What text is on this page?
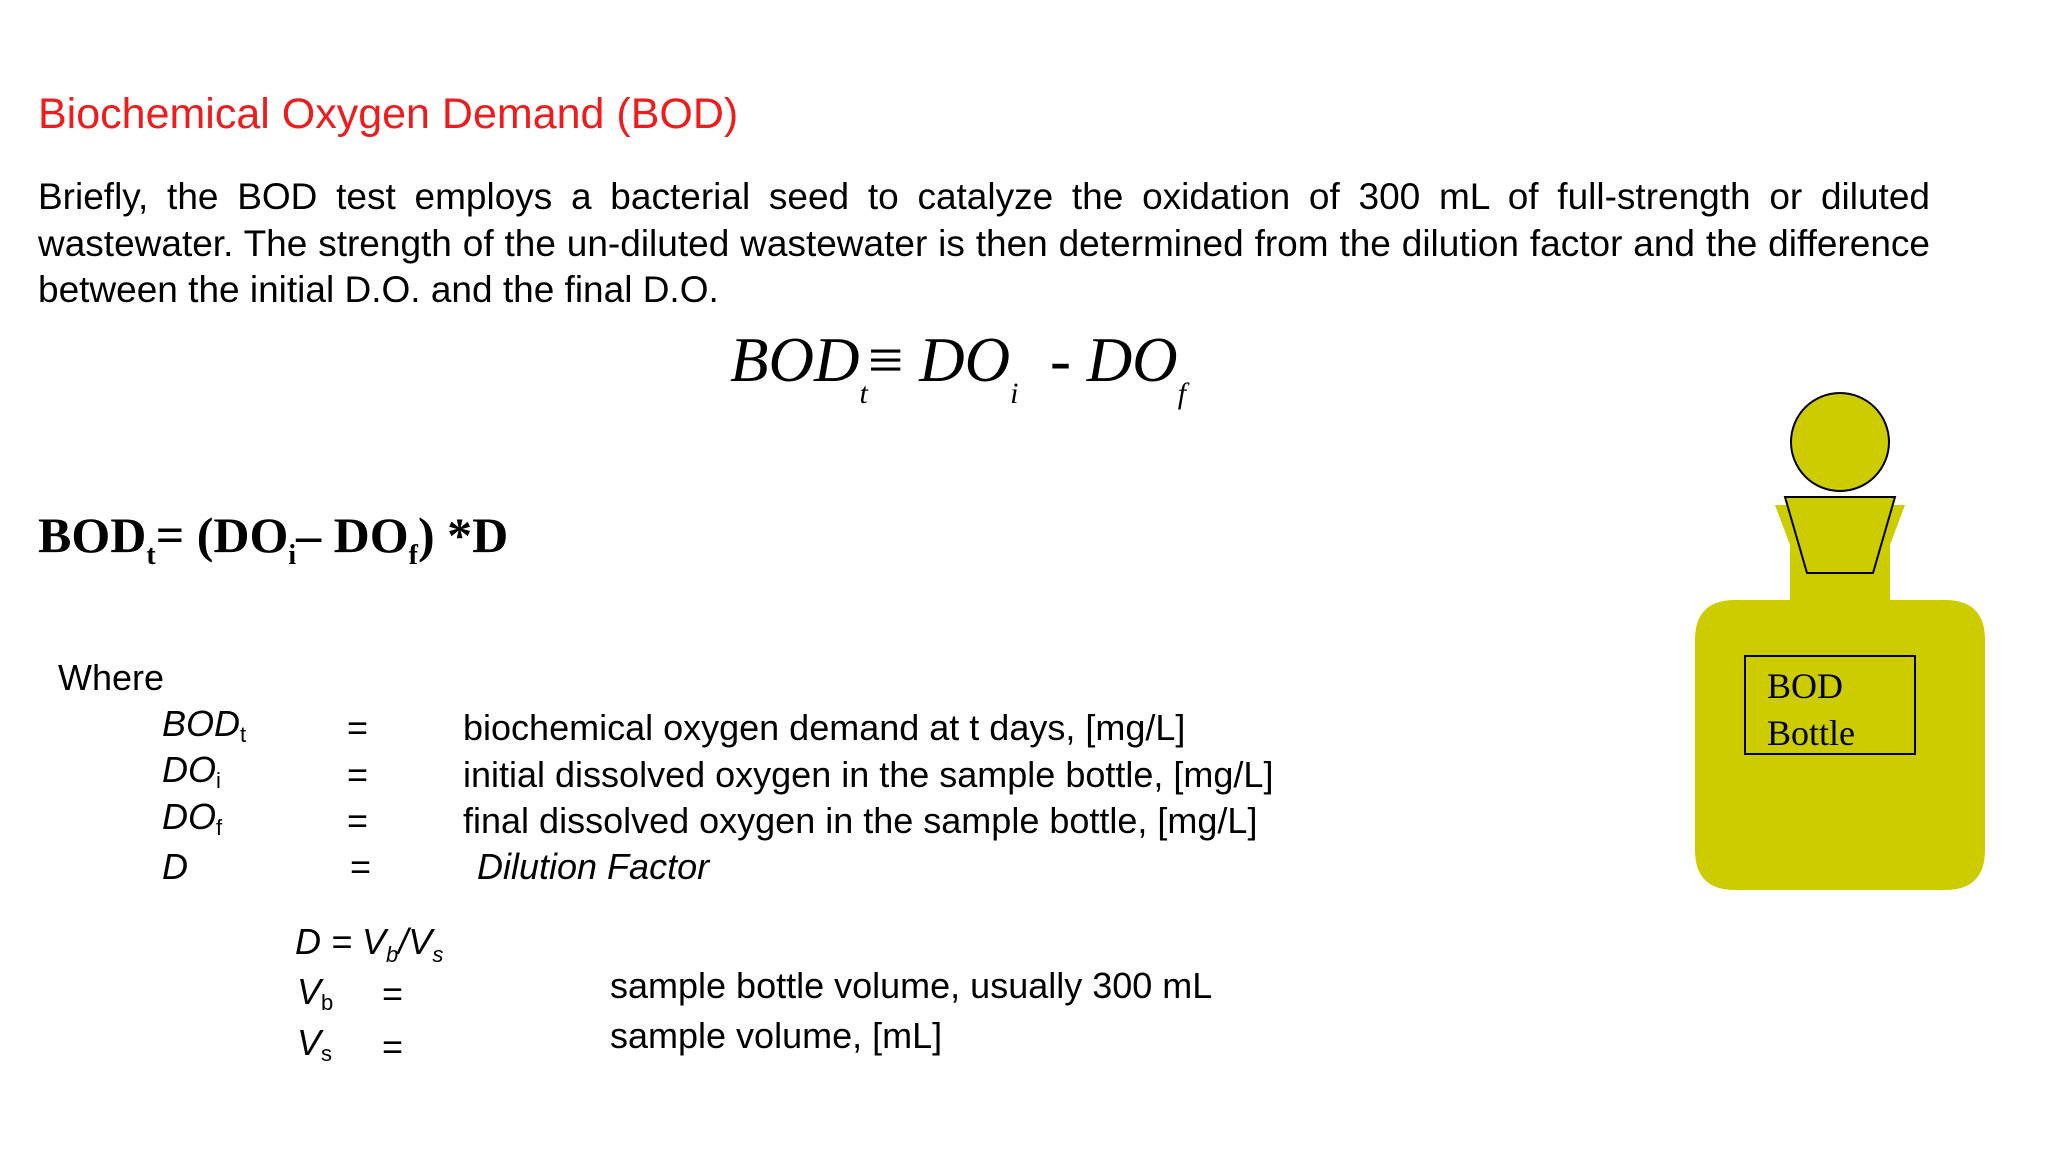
Biochemical Oxygen Demand (BOD)
Briefly, the BOD test employs a bacterial seed to catalyze the oxidation of 300 mL of full-strength or diluted wastewater. The strength of the un-diluted wastewater is then determined from the dilution factor and the difference between the initial D.O. and the final D.O.
$BOD_t\equiv DO_i - DO_f$
$BOD_t= (DO_i-$ $DO_f$) *D
Where
$BOD_t$	=	biochemical oxygen demand at t days, [mg/L]
$DO_i$	=	initial dissolved oxygen in the sample bottle, [mg/L]
$DO_f$	=	final dissolved oxygen in the sample bottle, [mg/L]
D	=	Dilution Factor
$D = V_b/V_s$
$V_b$ =	sample bottle volume, usually 300 mL
$V_s$ =	sample volume, [mL]
BOD
Bottle
